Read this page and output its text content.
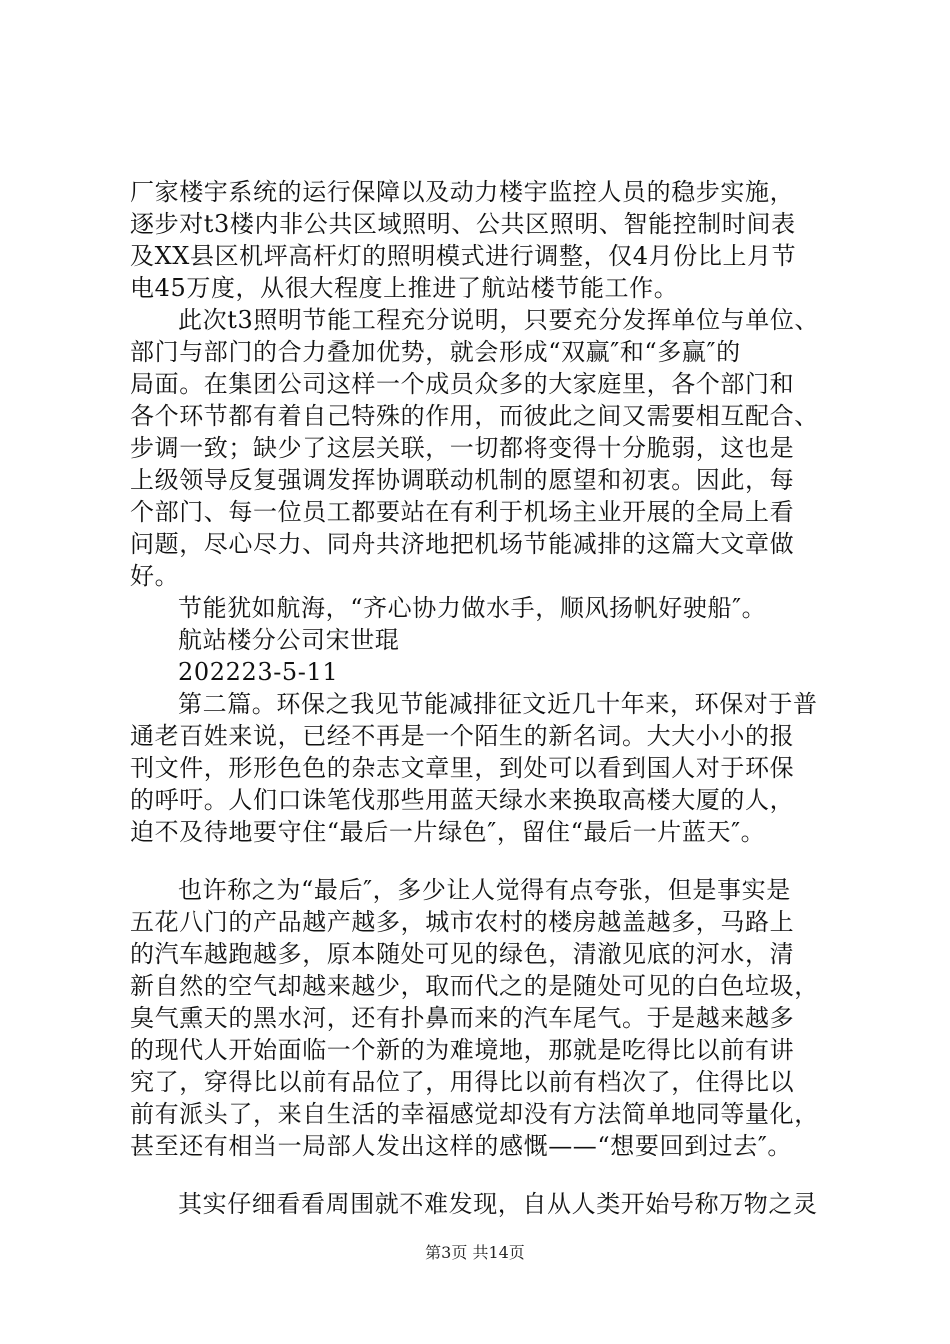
厂家楼宇系统的运行保障以及动力楼宇监控人员的稳步实施，
逐步对t3楼内非公共区域照明、公共区照明、智能控制时间表
及XX县区机坪高杆灯的照明模式进行调整，仅4月份比上月节
电45万度，从很大程度上推进了航站楼节能工作。
此次t3照明节能工程充分说明，只要充分发挥单位与单位、
部门与部门的合力叠加优势，就会形成“双赢″和“多赢″的
局面。在集团公司这样一个成员众多的大家庭里，各个部门和
各个环节都有着自己特殊的作用，而彼此之间又需要相互配合、
步调一致；缺少了这层关联，一切都将变得十分脆弱，这也是
上级领导反复强调发挥协调联动机制的愿望和初衷。因此，每
个部门、每一位员工都要站在有利于机场主业开展的全局上看
问题，尽心尽力、同舟共济地把机场节能减排的这篇大文章做
好。
节能犹如航海，“齐心协力做水手，顺风扬帆好驶船″。
航站楼分公司宋世琨
202223-5-11
第二篇。环保之我见节能减排征文近几十年来，环保对于普
通老百姓来说，已经不再是一个陌生的新名词。大大小小的报
刊文件，形形色色的杂志文章里，到处可以看到国人对于环保
的呼吁。人们口诛笔伐那些用蓝天绿水来换取高楼大厦的人，
迫不及待地要守住“最后一片绿色″，留住“最后一片蓝天″。
也许称之为“最后″，多少让人觉得有点夸张，但是事实是
五花八门的产品越产越多，城市农村的楼房越盖越多，马路上
的汽车越跑越多，原本随处可见的绿色，清澈见底的河水，清
新自然的空气却越来越少，取而代之的是随处可见的白色垃圾，
臭气熏天的黑水河，还有扑鼻而来的汽车尾气。于是越来越多
的现代人开始面临一个新的为难境地，那就是吃得比以前有讲
究了，穿得比以前有品位了，用得比以前有档次了，住得比以
前有派头了，来自生活的幸福感觉却没有方法简单地同等量化，
甚至还有相当一局部人发出这样的感慨——“想要回到过去″。
其实仔细看看周围就不难发现，自从人类开始号称万物之灵
第3页 共14页
